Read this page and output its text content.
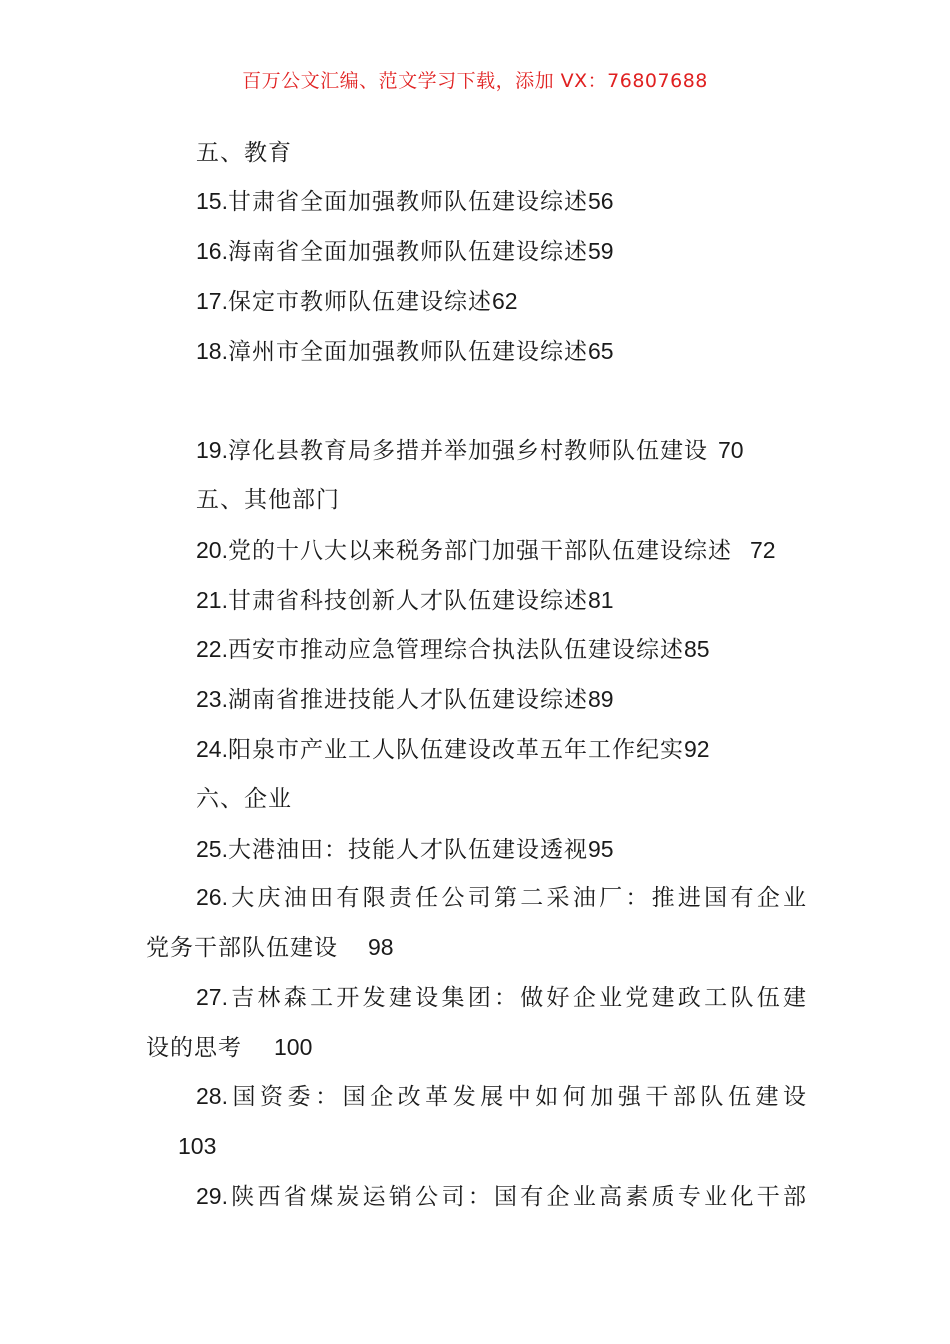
百万公文汇编、范文学习下载，添加 VX：76807688
五、教育
15.甘肃省全面加强教师队伍建设综述56
16.海南省全面加强教师队伍建设综述59
17.保定市教师队伍建设综述62
18.漳州市全面加强教师队伍建设综述65
19.淳化县教育局多措并举加强乡村教师队伍建设 70
五、其他部门
20.党的十八大以来税务部门加强干部队伍建设综述 72
21.甘肃省科技创新人才队伍建设综述81
22.西安市推动应急管理综合执法队伍建设综述85
23.湖南省推进技能人才队伍建设综述89
24.阳泉市产业工人队伍建设改革五年工作纪实92
六、企业
25.大港油田：技能人才队伍建设透视95
26.大庆油田有限责任公司第二采油厂：推进国有企业
党务干部队伍建设 98
27.吉林森工开发建设集团：做好企业党建政工队伍建
设的思考 100
28.国资委：国企改革发展中如何加强干部队伍建设
103
29.陕西省煤炭运销公司：国有企业高素质专业化干部
